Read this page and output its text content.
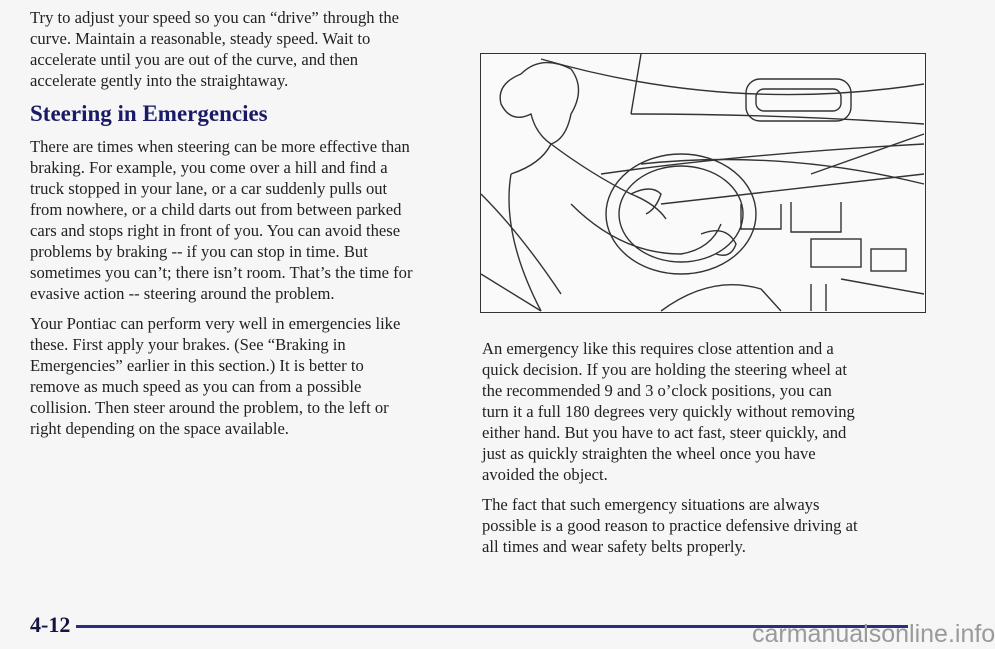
Try to adjust your speed so you can “drive” through the
curve. Maintain a reasonable, steady speed. Wait to
accelerate until you are out of the curve, and then
accelerate gently into the straightaway.

Steering in Emergencies

There are times when steering can be more effective than
braking. For example, you come over a hill and find a
truck stopped in your lane, or a car suddenly pulls out
from nowhere, or a child darts out from between parked
cars and stops right in front of you. You can avoid these
problems by braking -- if you can stop in time. But
sometimes you can’t; there isn’t room. That’s the time for
evasive action -- steering around the problem.

Your Pontiac can perform very well in emergencies like
these. First apply your brakes. (See “Braking in
Emergencies” earlier in this section.) It is better to
remove as much speed as you can from a possible
collision. Then steer around the problem, to the left or
right depending on the space available.

An emergency like this requires close attention and a
quick decision. If you are holding the steering wheel at
the recommended 9 and 3 o’clock positions, you can
turn it a full 180 degrees very quickly without removing
either hand. But you have to act fast, steer quickly, and
just as quickly straighten the wheel once you have
avoided the object.

The fact that such emergency situations are always
possible is a good reason to practice defensive driving at
all times and wear safety belts properly.

4-12	carmanualsonline.info
